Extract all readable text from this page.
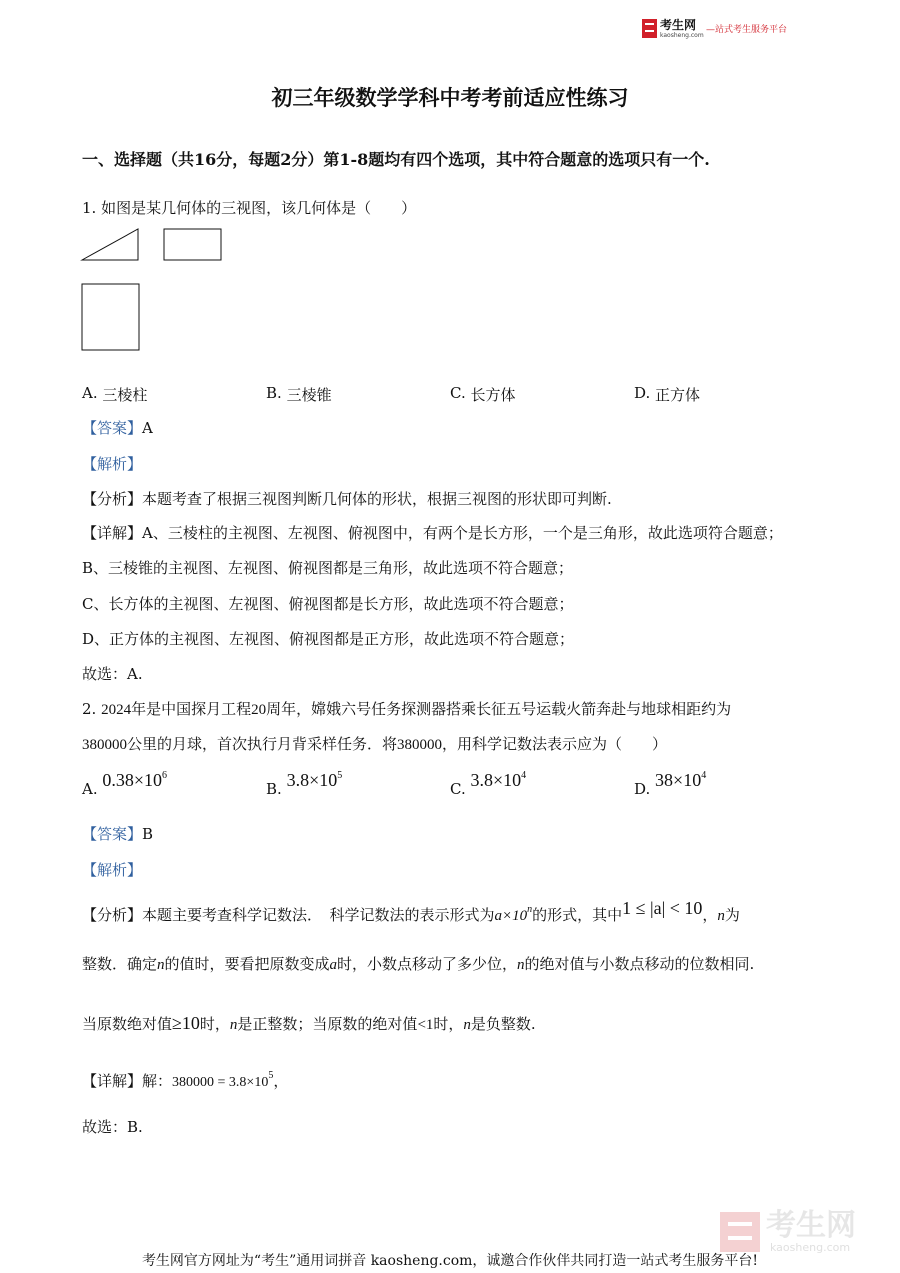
考生网
kaosheng.com
—站式考生服务平台
初三年级数学学科中考考前适应性练习
一、选择题（共16分，每题2分）第1-8题均有四个选项，其中符合题意的选项只有一个.
1. 如图是某几何体的三视图，该几何体是（　　）
A. 三棱柱	B. 三棱锥	C. 长方体	D. 正方体
【答案】A
【解析】
【分析】本题考查了根据三视图判断几何体的形状，根据三视图的形状即可判断.
【详解】A、三棱柱的主视图、左视图、俯视图中，有两个是长方形，一个是三角形，故此选项符合题意；
B、三棱锥的主视图、左视图、俯视图都是三角形，故此选项不符合题意；
C、长方体的主视图、左视图、俯视图都是长方形，故此选项不符合题意；
D、正方体的主视图、左视图、俯视图都是正方形，故此选项不符合题意；
故选：A.
2. 2024年是中国探月工程20周年，嫦娥六号任务探测器搭乘长征五号运载火箭奔赴与地球相距约为
380000公里的月球，首次执行月背采样任务．将380000，用科学记数法表示应为（　　）
A. $0.38\times 10^6$
B. $3.8\times 10^5$
C. $3.8\times 10^4$
D. $38\times 10^4$
【答案】B
【解析】
【分析】本题主要考查科学记数法．　科学记数法的表示形式为$a\times 10^n$的形式，其中1 ≤ |a| < 10，n为
整数．确定n的值时，要看把原数变成a时，小数点移动了多少位，n的绝对值与小数点移动的位数相同.
当原数绝对值≥10时，n是正整数；当原数的绝对值<1时，n是负整数.
【详解】解：$380000 = 3.8\times 10^5$，
故选：B.
考生网
kaosheng.com
考生网官方网址为“考生”通用词拼音 kaosheng.com，诚邀合作伙伴共同打造一站式考生服务平台!
